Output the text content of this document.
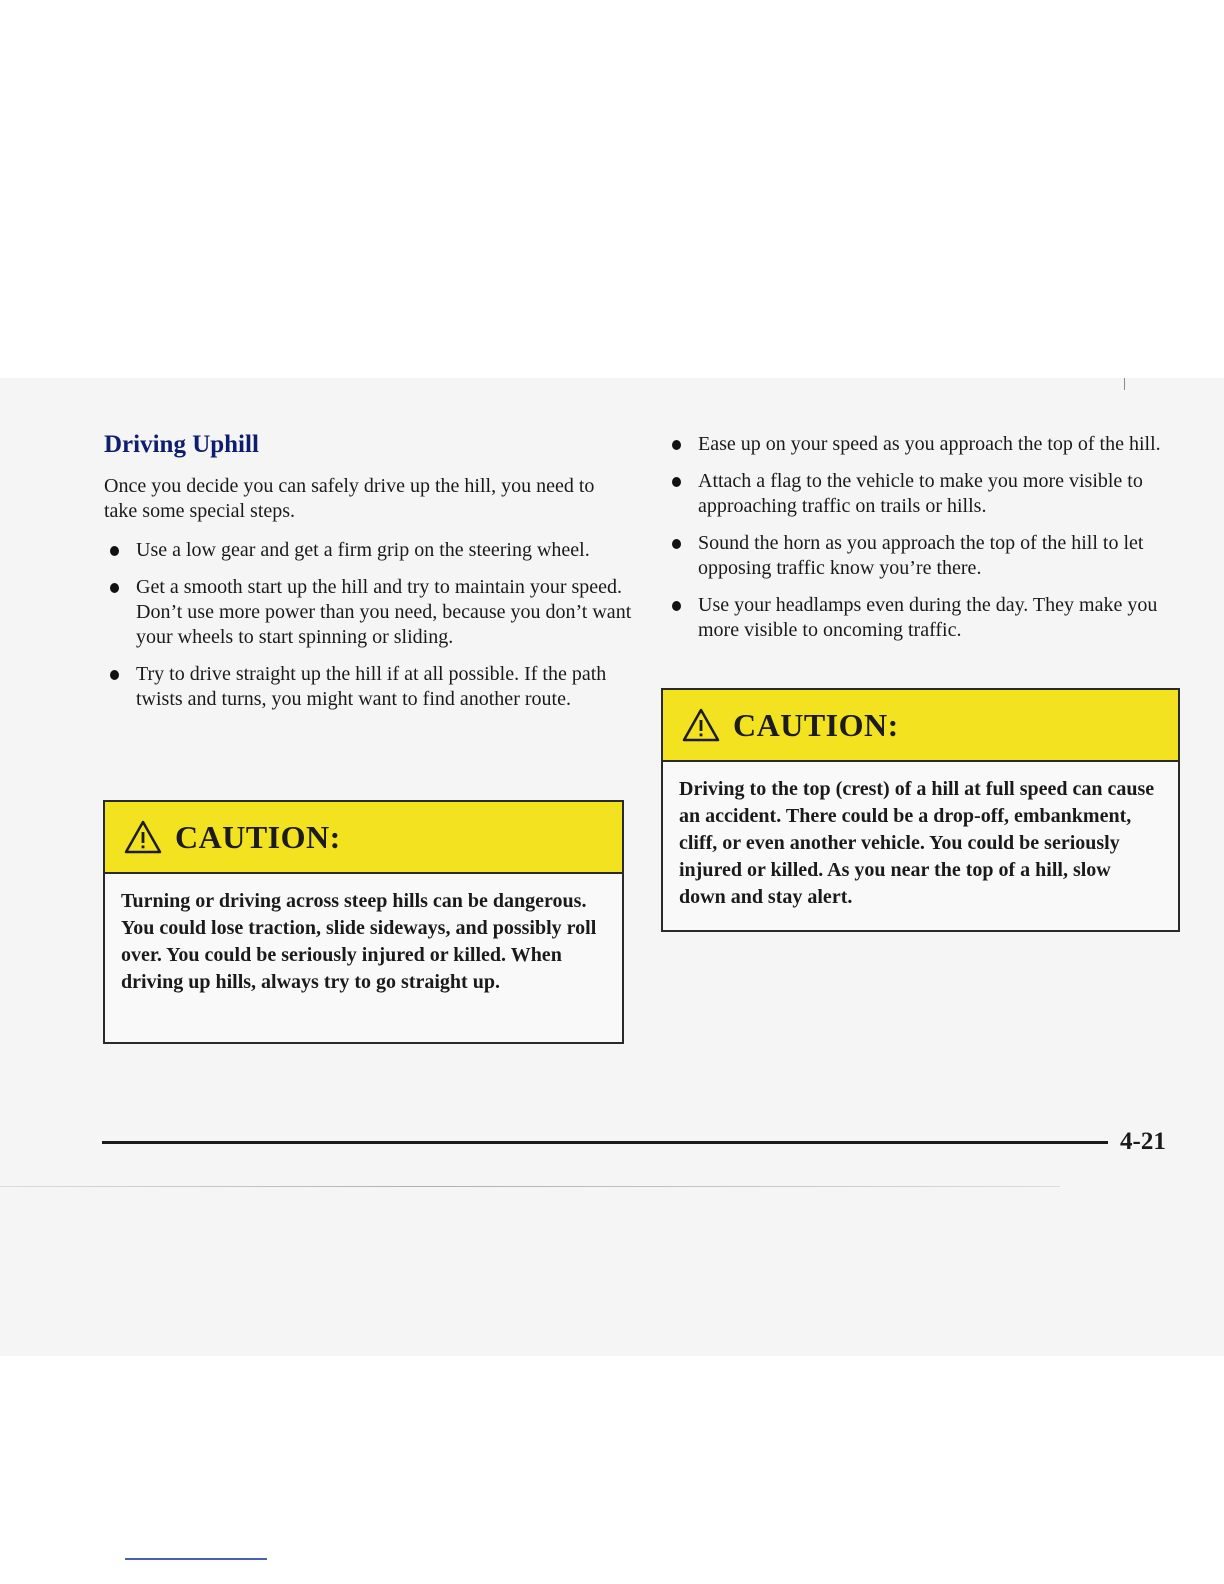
Driving Uphill

Once you decide you can safely drive up the hill, you need to take some special steps.

Use a low gear and get a firm grip on the steering wheel.
Get a smooth start up the hill and try to maintain your speed. Don’t use more power than you need, because you don’t want your wheels to start spinning or sliding.
Try to drive straight up the hill if at all possible. If the path twists and turns, you might want to find another route.
CAUTION:
Turning or driving across steep hills can be dangerous. You could lose traction, slide sideways, and possibly roll over. You could be seriously injured or killed. When driving up hills, always try to go straight up.
Ease up on your speed as you approach the top of the hill.
Attach a flag to the vehicle to make you more visible to approaching traffic on trails or hills.
Sound the horn as you approach the top of the hill to let opposing traffic know you’re there.
Use your headlamps even during the day. They make you more visible to oncoming traffic.
CAUTION:
Driving to the top (crest) of a hill at full speed can cause an accident. There could be a drop-off, embankment, cliff, or even another vehicle. You could be seriously injured or killed. As you near the top of a hill, slow down and stay alert.
4-21
